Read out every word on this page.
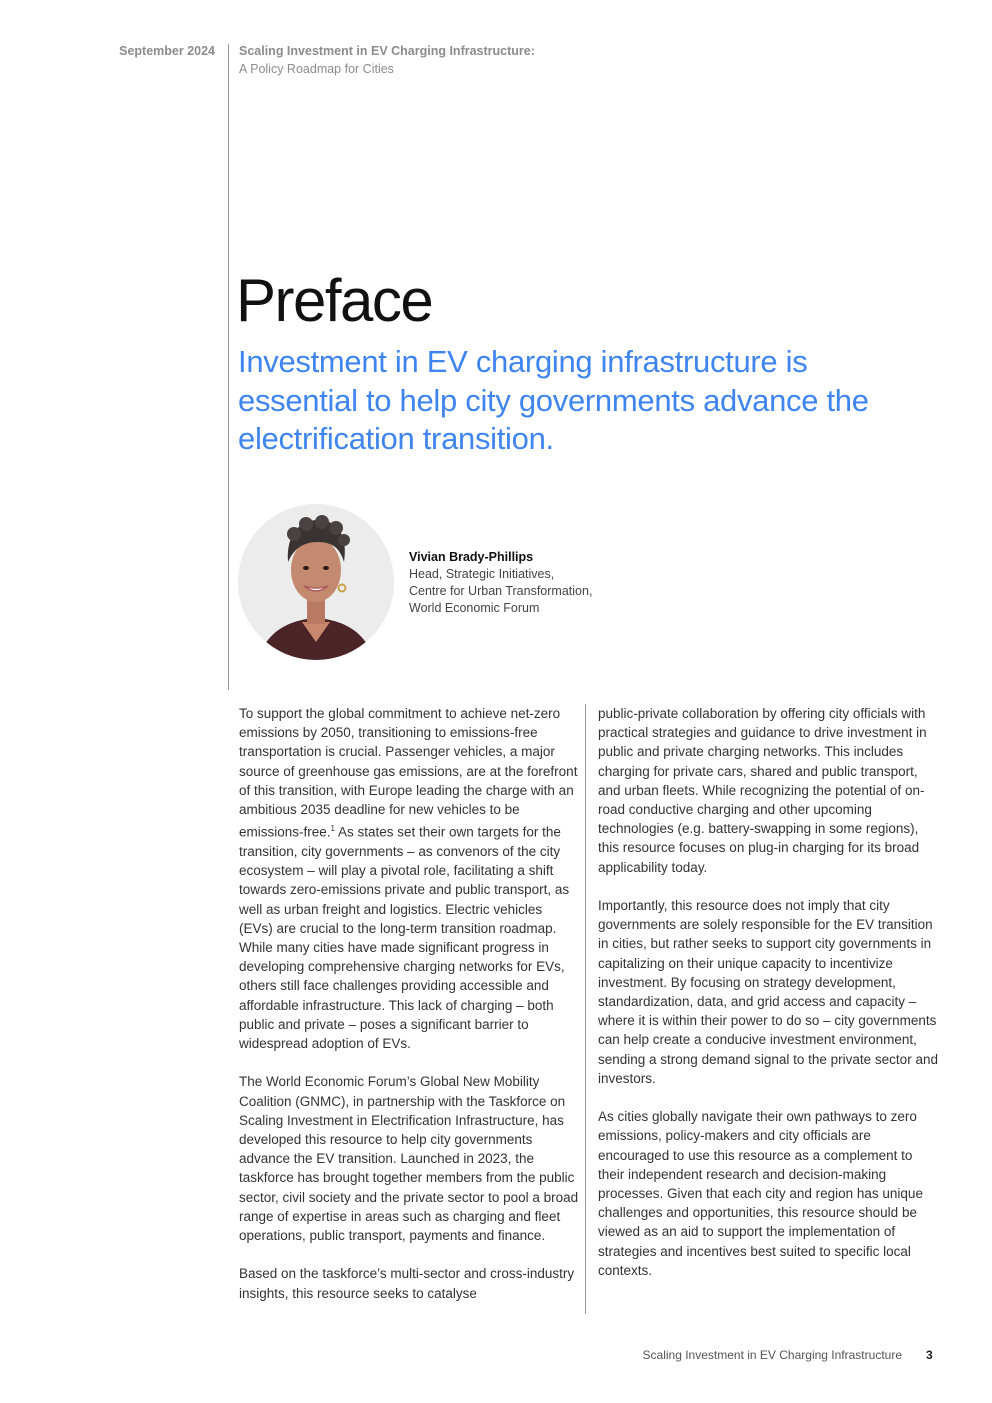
September 2024 Scaling Investment in EV Charging Infrastructure:
A Policy Roadmap for Cities
Preface
Investment in EV charging infrastructure is essential to help city governments advance the electrification transition.
Vivian Brady-Phillips
Head, Strategic Initiatives,
Centre for Urban Transformation,
World Economic Forum

To support the global commitment to achieve net-zero emissions by 2050, transitioning to emissions-free transportation is crucial. Passenger vehicles, a major source of greenhouse gas emissions, are at the forefront of this transition, with Europe leading the charge with an ambitious 2035 deadline for new vehicles to be emissions-free.$^1$ As states set their own targets for the transition, city governments – as convenors of the city ecosystem – will play a pivotal role, facilitating a shift towards zero-emissions private and public transport, as well as urban freight and logistics. Electric vehicles (EVs) are crucial to the long-term transition roadmap. While many cities have made significant progress in developing comprehensive charging networks for EVs, others still face challenges providing accessible and affordable infrastructure. This lack of charging – both public and private – poses a significant barrier to widespread adoption of EVs.

The World Economic Forum’s Global New Mobility Coalition (GNMC), in partnership with the Taskforce on Scaling Investment in Electrification Infrastructure, has developed this resource to help city governments advance the EV transition. Launched in 2023, the taskforce has brought together members from the public sector, civil society and the private sector to pool a broad range of expertise in areas such as charging and fleet operations, public transport, payments and finance.

Based on the taskforce’s multi-sector and cross-industry insights, this resource seeks to catalyse

public-private collaboration by offering city officials with practical strategies and guidance to drive investment in public and private charging networks. This includes charging for private cars, shared and public transport, and urban fleets. While recognizing the potential of on-road conductive charging and other upcoming technologies (e.g. battery-swapping in some regions), this resource focuses on plug-in charging for its broad applicability today.

Importantly, this resource does not imply that city governments are solely responsible for the EV transition in cities, but rather seeks to support city governments in capitalizing on their unique capacity to incentivize investment. By focusing on strategy development, standardization, data, and grid access and capacity – where it is within their power to do so – city governments can help create a conducive investment environment, sending a strong demand signal to the private sector and investors.

As cities globally navigate their own pathways to zero emissions, policy-makers and city officials are encouraged to use this resource as a complement to their independent research and decision-making processes. Given that each city and region has unique challenges and opportunities, this resource should be viewed as an aid to support the implementation of strategies and incentives best suited to specific local contexts.

Scaling Investment in EV Charging Infrastructure 3
